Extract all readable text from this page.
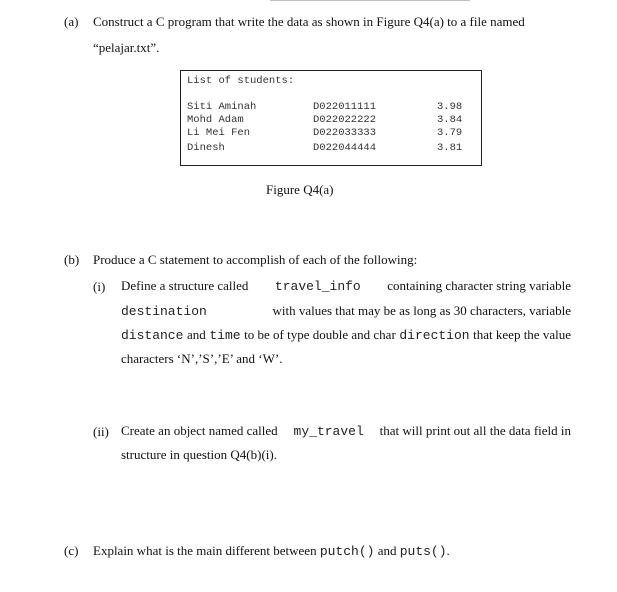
(a) Construct a C program that write the data as shown in Figure Q4(a) to a file named
“pelajar.txt”.
List of students:
Siti Aminah	D022011111	3.98
Mohd Adam	D022022222	3.84
Li Mei Fen	D022033333	3.79
Dinesh	D022044444	3.81
Figure Q4(a)
(b) Produce a C statement to accomplish of each of the following:
(i) Define a structure called travel_info containing character string variable
destination	with values that may be as long as 30 characters, variable
distance and time to be of type double and char direction that keep the value
characters ‘N’,’S’,’E’ and ‘W’.
(ii) Create an object named called my_travel that will print out all the data field in
structure in question Q4(b)(i).
(c) Explain what is the main different between putch() and puts().
